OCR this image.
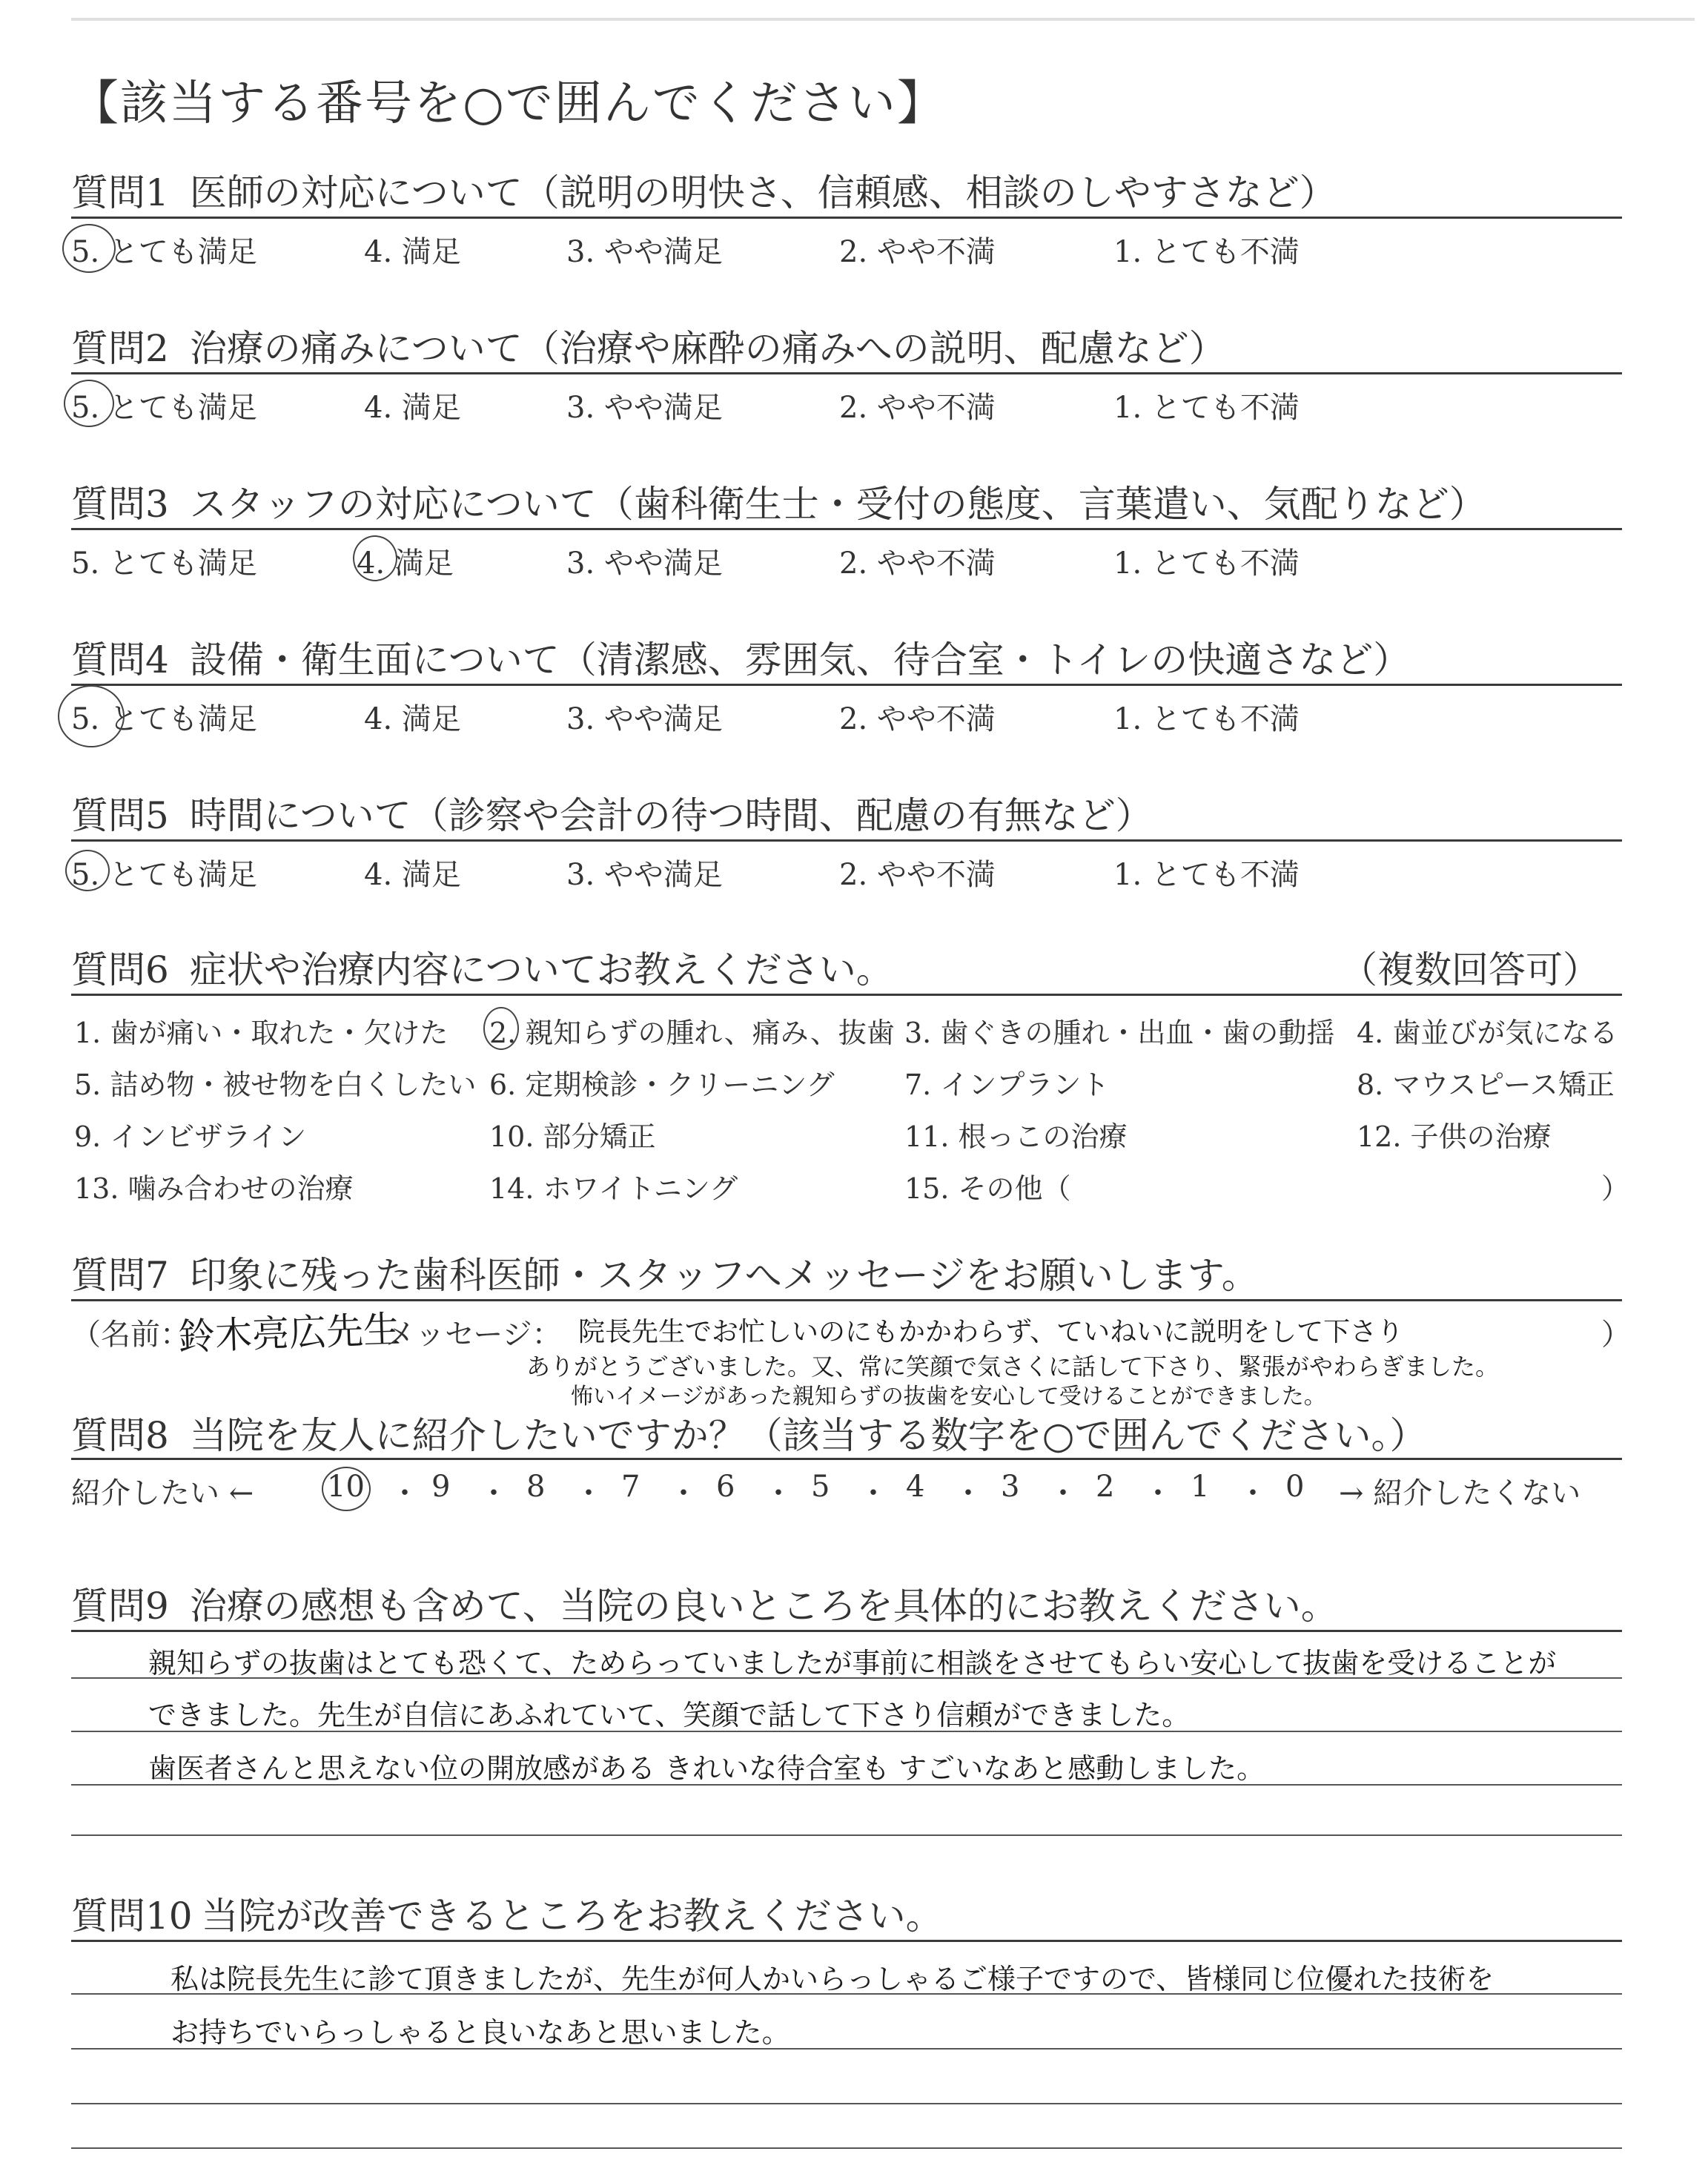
【該当する番号を○で囲んでください】
質問1 医師の対応について（説明の明快さ、信頼感、相談のしやすさなど）
5. とても満足	4. 満足	3. やや満足	2. やや不満	1. とても不満
質問2 治療の痛みについて（治療や麻酔の痛みへの説明、配慮など）
5. とても満足	4. 満足	3. やや満足	2. やや不満	1. とても不満
質問3 スタッフの対応について（歯科衛生士・受付の態度、言葉遣い、気配りなど）
5. とても満足	4. 満足	3. やや満足	2. やや不満	1. とても不満
質問4 設備・衛生面について（清潔感、雰囲気、待合室・トイレの快適さなど）
5. とても満足	4. 満足	3. やや満足	2. やや不満	1. とても不満
質問5 時間について（診察や会計の待つ時間、配慮の有無など）
5. とても満足	4. 満足	3. やや満足	2. やや不満	1. とても不満
質問6 症状や治療内容についてお教えください。	（複数回答可）
1. 歯が痛い・取れた・欠けた 2. 親知らずの腫れ、痛み、抜歯 3. 歯ぐきの腫れ・出血・歯の動揺 4. 歯並びが気になる
5. 詰め物・被せ物を白くしたい 6. 定期検診・クリーニング 7. インプラント	8. マウスピース矯正
9. インビザライン	10. 部分矯正	11. 根っこの治療	12. 子供の治療
13. 噛み合わせの治療	14. ホワイトニング	15. その他（	）
質問7 印象に残った歯科医師・スタッフへメッセージをお願いします。
（名前：
鈴木亮広先生
メッセージ：	）
院長先生でお忙しいのにもかかわらず、ていねいに説明をして下さり
ありがとうございました。又、常に笑顔で気さくに話して下さり、緊張がやわらぎました。
怖いイメージがあった親知らずの抜歯を安心して受けることができました。
質問8 当院を友人に紹介したいですか？（該当する数字を○で囲んでください。）
紹介したい ← 10 ・ 9 ・ 8 ・ 7 ・ 6 ・ 5 ・ 4 ・ 3 ・ 2 ・ 1 ・ 0 → 紹介したくない
質問9 治療の感想も含めて、当院の良いところを具体的にお教えください。
親知らずの抜歯はとても恐くて、ためらっていましたが事前に相談をさせてもらい安心して抜歯を受けることが
できました。先生が自信にあふれていて、笑顔で話して下さり信頼ができました。
歯医者さんと思えない位の開放感がある きれいな待合室も すごいなあと感動しました。
質問10 当院が改善できるところをお教えください。
私は院長先生に診て頂きましたが、先生が何人かいらっしゃるご様子ですので、皆様同じ位優れた技術を
お持ちでいらっしゃると良いなあと思いました。
